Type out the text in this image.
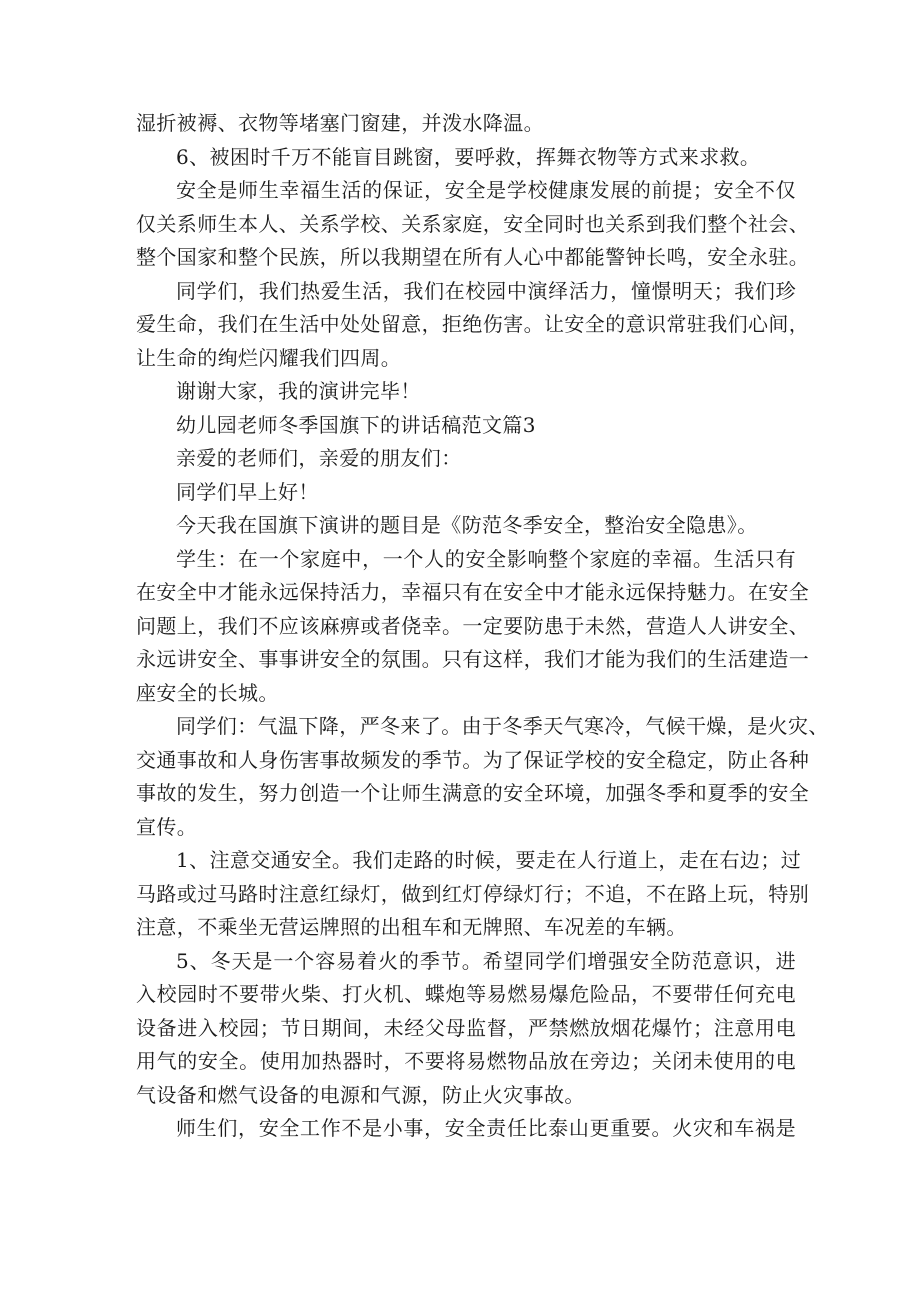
湿折被褥、衣物等堵塞门窗建，并泼水降温。
6、被困时千万不能盲目跳窗，要呼救，挥舞衣物等方式来求救。
安全是师生幸福生活的保证，安全是学校健康发展的前提；安全不仅
仅关系师生本人、关系学校、关系家庭，安全同时也关系到我们整个社会、
整个国家和整个民族，所以我期望在所有人心中都能警钟长鸣，安全永驻。
同学们，我们热爱生活，我们在校园中演绎活力，憧憬明天；我们珍
爱生命，我们在生活中处处留意，拒绝伤害。让安全的意识常驻我们心间，
让生命的绚烂闪耀我们四周。
谢谢大家，我的演讲完毕！
幼儿园老师冬季国旗下的讲话稿范文篇3
亲爱的老师们，亲爱的朋友们：
同学们早上好！
今天我在国旗下演讲的题目是《防范冬季安全，整治安全隐患》。
学生：在一个家庭中，一个人的安全影响整个家庭的幸福。生活只有
在安全中才能永远保持活力，幸福只有在安全中才能永远保持魅力。在安全
问题上，我们不应该麻痹或者侥幸。一定要防患于未然，营造人人讲安全、
永远讲安全、事事讲安全的氛围。只有这样，我们才能为我们的生活建造一
座安全的长城。
同学们：气温下降，严冬来了。由于冬季天气寒冷，气候干燥，是火灾、
交通事故和人身伤害事故频发的季节。为了保证学校的安全稳定，防止各种
事故的发生，努力创造一个让师生满意的安全环境，加强冬季和夏季的安全
宣传。
1、注意交通安全。我们走路的时候，要走在人行道上，走在右边；过
马路或过马路时注意红绿灯，做到红灯停绿灯行；不追，不在路上玩，特别
注意，不乘坐无营运牌照的出租车和无牌照、车况差的车辆。
5、冬天是一个容易着火的季节。希望同学们增强安全防范意识，进
入校园时不要带火柴、打火机、蝶炮等易燃易爆危险品，不要带任何充电
设备进入校园；节日期间，未经父母监督，严禁燃放烟花爆竹；注意用电
用气的安全。使用加热器时，不要将易燃物品放在旁边；关闭未使用的电
气设备和燃气设备的电源和气源，防止火灾事故。
师生们，安全工作不是小事，安全责任比泰山更重要。火灾和车祸是
